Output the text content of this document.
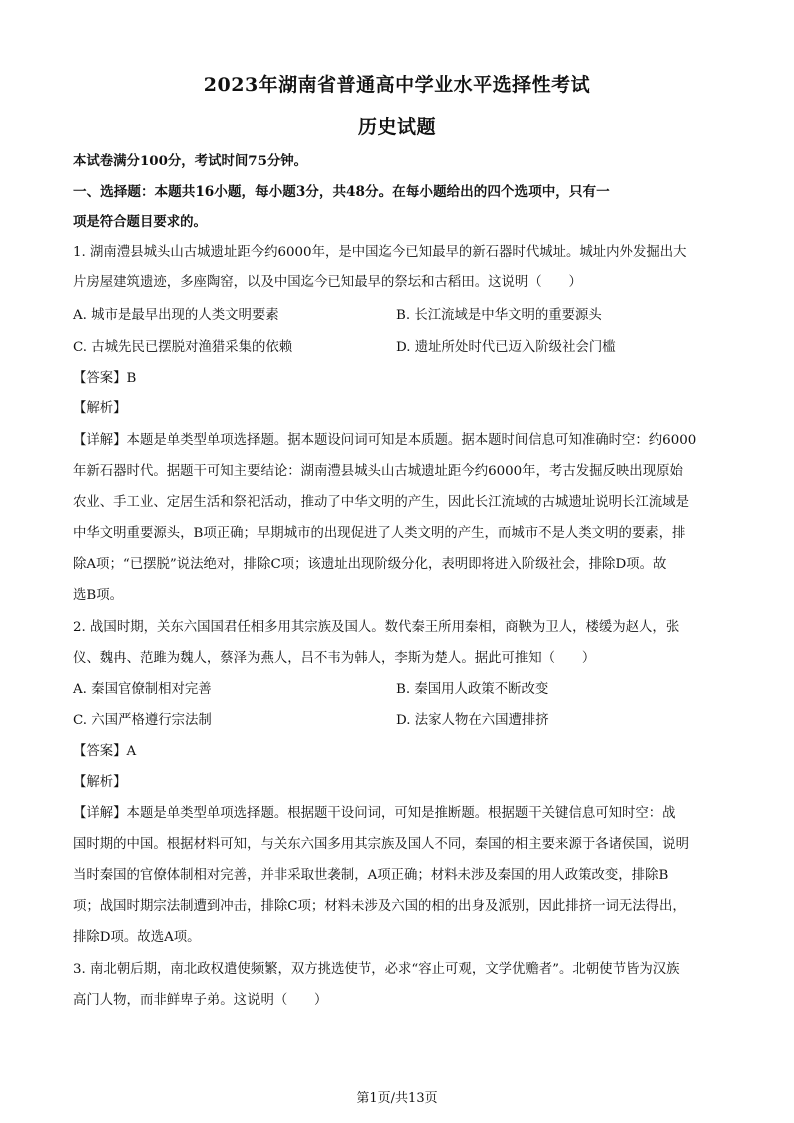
2023年湖南省普通高中学业水平选择性考试
历史试题
本试卷满分100分，考试时间75分钟。
一、选择题：本题共16小题，每小题3分，共48分。在每小题给出的四个选项中，只有一
项是符合题目要求的。
1. 湖南澧县城头山古城遗址距今约6000年，是中国迄今已知最早的新石器时代城址。城址内外发掘出大
片房屋建筑遗迹，多座陶窑，以及中国迄今已知最早的祭坛和古稻田。这说明（　　）
A. 城市是最早出现的人类文明要素	B. 长江流域是中华文明的重要源头
C. 古城先民已摆脱对渔猎采集的依赖	D. 遗址所处时代已迈入阶级社会门槛
【答案】B
【解析】
【详解】本题是单类型单项选择题。据本题设问词可知是本质题。据本题时间信息可知准确时空：约6000
年新石器时代。据题干可知主要结论：湖南澧县城头山古城遗址距今约6000年，考古发掘反映出现原始
农业、手工业、定居生活和祭祀活动，推动了中华文明的产生，因此长江流域的古城遗址说明长江流域是
中华文明重要源头，B项正确；早期城市的出现促进了人类文明的产生，而城市不是人类文明的要素，排
除A项；“已摆脱”说法绝对，排除C项；该遗址出现阶级分化，表明即将进入阶级社会，排除D项。故
选B项。
2. 战国时期，关东六国国君任相多用其宗族及国人。数代秦王所用秦相，商鞅为卫人，楼缓为赵人，张
仪、魏冉、范雎为魏人，蔡泽为燕人，吕不韦为韩人，李斯为楚人。据此可推知（　　）
A. 秦国官僚制相对完善	B. 秦国用人政策不断改变
C. 六国严格遵行宗法制	D. 法家人物在六国遭排挤
【答案】A
【解析】
【详解】本题是单类型单项选择题。根据题干设问词，可知是推断题。根据题干关键信息可知时空：战
国时期的中国。根据材料可知，与关东六国多用其宗族及国人不同，秦国的相主要来源于各诸侯国，说明
当时秦国的官僚体制相对完善，并非采取世袭制，A项正确；材料未涉及秦国的用人政策改变，排除B
项；战国时期宗法制遭到冲击，排除C项；材料未涉及六国的相的出身及派别，因此排挤一词无法得出，
排除D项。故选A项。
3. 南北朝后期，南北政权遣使频繁，双方挑选使节，必求“容止可观，文学优赡者”。北朝使节皆为汉族
高门人物，而非鲜卑子弟。这说明（　　）
第1页/共13页
